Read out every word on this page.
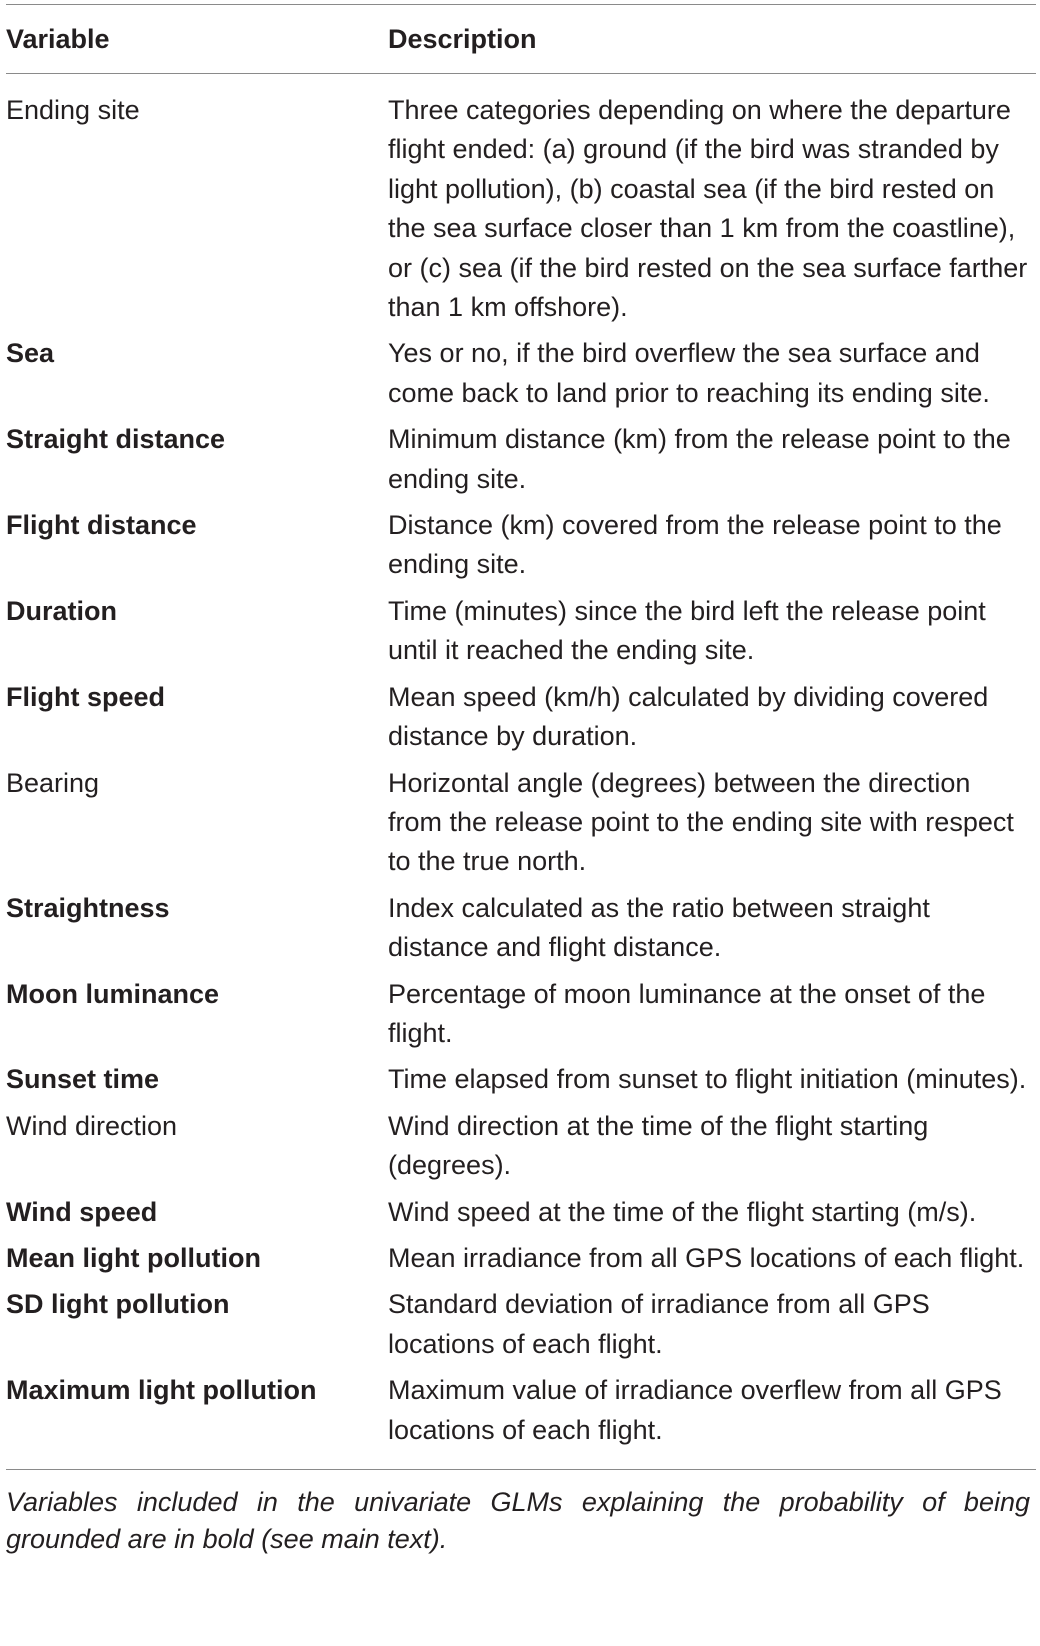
Variable	Description
Ending site	Three categories depending on where the departure flight ended: (a) ground (if the bird was stranded by light pollution), (b) coastal sea (if the bird rested on the sea surface closer than 1 km from the coastline), or (c) sea (if the bird rested on the sea surface farther than 1 km offshore).
Sea	Yes or no, if the bird overflew the sea surface and come back to land prior to reaching its ending site.
Straight distance	Minimum distance (km) from the release point to the ending site.
Flight distance	Distance (km) covered from the release point to the ending site.
Duration	Time (minutes) since the bird left the release point until it reached the ending site.
Flight speed	Mean speed (km/h) calculated by dividing covered distance by duration.
Bearing	Horizontal angle (degrees) between the direction from the release point to the ending site with respect to the true north.
Straightness	Index calculated as the ratio between straight distance and flight distance.
Moon luminance	Percentage of moon luminance at the onset of the flight.
Sunset time	Time elapsed from sunset to flight initiation (minutes).
Wind direction	Wind direction at the time of the flight starting (degrees).
Wind speed	Wind speed at the time of the flight starting (m/s).
Mean light pollution	Mean irradiance from all GPS locations of each flight.
SD light pollution	Standard deviation of irradiance from all GPS locations of each flight.
Maximum light pollution	Maximum value of irradiance overflew from all GPS locations of each flight.
Variables included in the univariate GLMs explaining the probability of being grounded are in bold (see main text).
